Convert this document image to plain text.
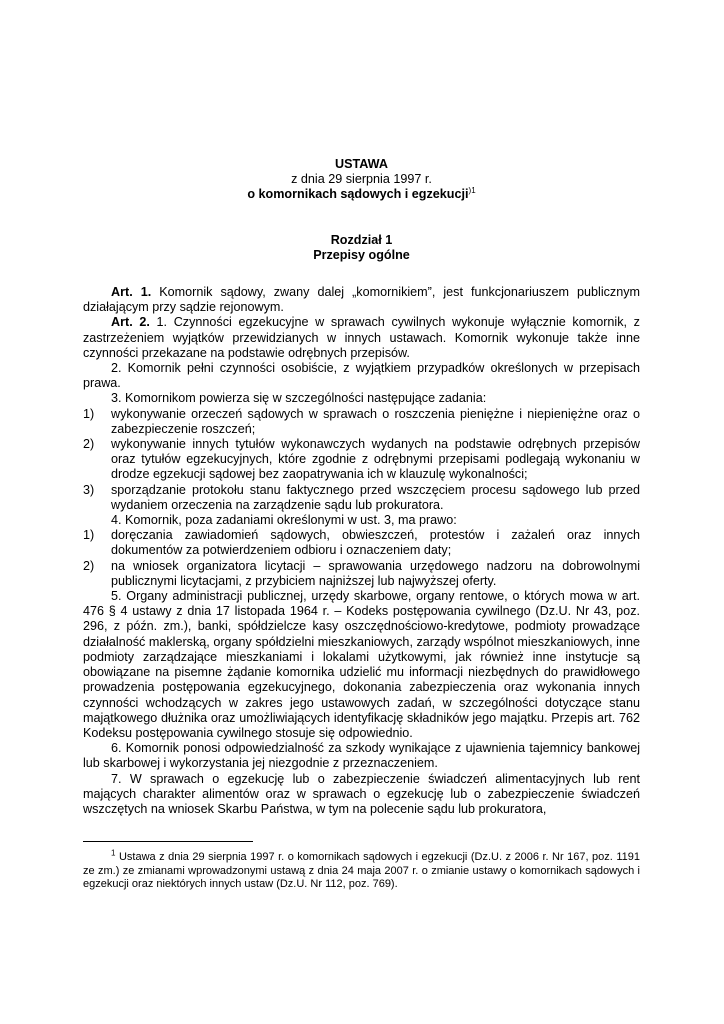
USTAWA

z dnia 29 sierpnia 1997 r.

o komornikach sądowych i egzekucji$^{)1}$

Rozdział 1

Przepisy ogólne

Art. 1. Komornik sądowy, zwany dalej „komornikiem”, jest funkcjonariuszem publicznym działającym przy sądzie rejonowym.

Art. 2. 1. Czynności egzekucyjne w sprawach cywilnych wykonuje wyłącznie komornik, z zastrzeżeniem wyjątków przewidzianych w innych ustawach. Komornik wykonuje także inne czynności przekazane na podstawie odrębnych przepisów.

2. Komornik pełni czynności osobiście, z wyjątkiem przypadków określonych w przepisach prawa.

3. Komornikom powierza się w szczególności następujące zadania:

1)	wykonywanie orzeczeń sądowych w sprawach o roszczenia pieniężne i niepieniężne oraz o zabezpieczenie roszczeń;
2)	wykonywanie innych tytułów wykonawczych wydanych na podstawie odrębnych przepisów oraz tytułów egzekucyjnych, które zgodnie z odrębnymi przepisami podlegają wykonaniu w drodze egzekucji sądowej bez zaopatrywania ich w klauzulę wykonalności;
3)	sporządzanie protokołu stanu faktycznego przed wszczęciem procesu sądowego lub przed wydaniem orzeczenia na zarządzenie sądu lub prokuratora.

4. Komornik, poza zadaniami określonymi w ust. 3, ma prawo:

1)	doręczania zawiadomień sądowych, obwieszczeń, protestów i zażaleń oraz innych dokumentów za potwierdzeniem odbioru i oznaczeniem daty;
2)	na wniosek organizatora licytacji – sprawowania urzędowego nadzoru na dobrowolnymi publicznymi licytacjami, z przybiciem najniższej lub najwyższej oferty.

5. Organy administracji publicznej, urzędy skarbowe, organy rentowe, o których mowa w art. 476 § 4 ustawy z dnia 17 listopada 1964 r. – Kodeks postępowania cywilnego (Dz.U. Nr 43, poz. 296, z późn. zm.), banki, spółdzielcze kasy oszczędnościowo-kredytowe, podmioty prowadzące działalność maklerską, organy spółdzielni mieszkaniowych, zarządy wspólnot mieszkaniowych, inne podmioty zarządzające mieszkaniami i lokalami użytkowymi, jak również inne instytucje są obowiązane na pisemne żądanie komornika udzielić mu informacji niezbędnych do prawidłowego prowadzenia postępowania egzekucyjnego, dokonania zabezpieczenia oraz wykonania innych czynności wchodzących w zakres jego ustawowych zadań, w szczególności dotyczące stanu majątkowego dłużnika oraz umożliwiających identyfikację składników jego majątku. Przepis art. 762 Kodeksu postępowania cywilnego stosuje się odpowiednio.

6. Komornik ponosi odpowiedzialność za szkody wynikające z ujawnienia tajemnicy bankowej lub skarbowej i wykorzystania jej niezgodnie z przeznaczeniem.

7. W sprawach o egzekucję lub o zabezpieczenie świadczeń alimentacyjnych lub rent mających charakter alimentów oraz w sprawach o egzekucję lub o zabezpieczenie świadczeń wszczętych na wniosek Skarbu Państwa, w tym na polecenie sądu lub prokuratora,

$^1$ Ustawa z dnia 29 sierpnia 1997 r. o komornikach sądowych i egzekucji (Dz.U. z 2006 r. Nr 167, poz. 1191 ze zm.) ze zmianami wprowadzonymi ustawą z dnia 24 maja 2007 r. o zmianie ustawy o komornikach sądowych i egzekucji oraz niektórych innych ustaw (Dz.U. Nr 112, poz. 769).
